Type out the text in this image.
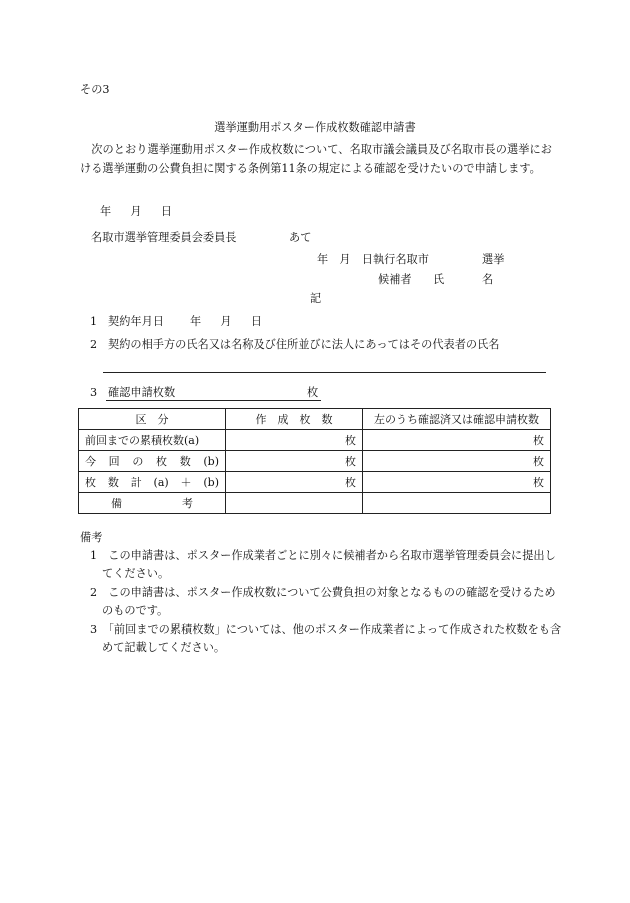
その3
選挙運動用ポスター作成枚数確認申請書
　次のとおり選挙運動用ポスター作成枚数について、名取市議会議員及び名取市長の選挙における選挙運動の公費負担に関する条例第11条の規定による確認を受けたいので申請します。
年　月　日
名取市選挙管理委員会委員長	あて
年　月　日執行名取市	選挙
候補者 氏	名
記
1 契約年月日 年　月　日
2 契約の相手方の氏名又は名称及び住所並びに法人にあってはその代表者の氏名
3 確認申請枚数	枚
区　分	作　成　枚　数	左のうち確認済又は確認申請枚数
前回までの累積枚数(a)	枚	枚
今回の枚数(b)	枚	枚
枚数計(a)＋(b)	枚	枚
備考		
備考
1　この申請書は、ポスター作成業者ごとに別々に候補者から名取市選挙管理委員会に提出してください。
2　この申請書は、ポスター作成枚数について公費負担の対象となるものの確認を受けるためのものです。
3　「前回までの累積枚数」については、他のポスター作成業者によって作成された枚数をも含めて記載してください。
